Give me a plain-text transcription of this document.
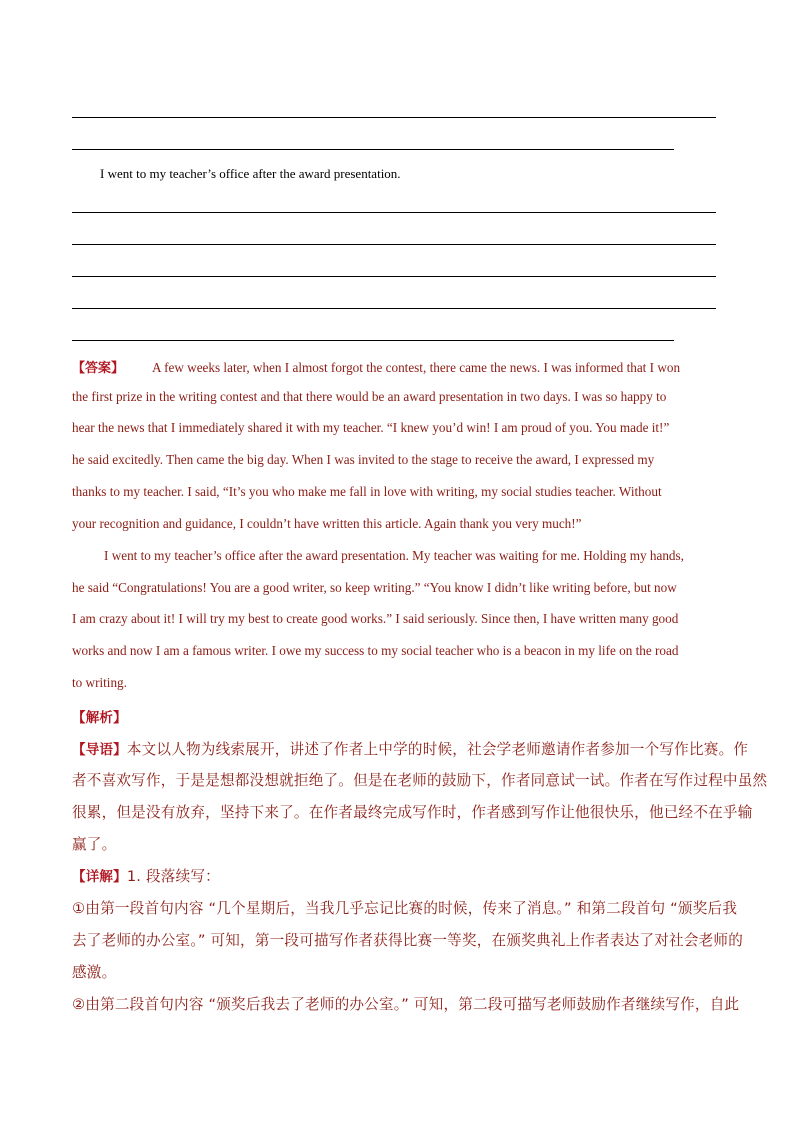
I went to my teacher’s office after the award presentation.
【答案】 A few weeks later, when I almost forgot the contest, there came the news. I was informed that I won
the first prize in the writing contest and that there would be an award presentation in two days. I was so happy to
hear the news that I immediately shared it with my teacher. “I knew you’d win! I am proud of you. You made it!”
he said excitedly. Then came the big day. When I was invited to the stage to receive the award, I expressed my
thanks to my teacher. I said, “It’s you who make me fall in love with writing, my social studies teacher. Without
your recognition and guidance, I couldn’t have written this article. Again thank you very much!”
I went to my teacher’s office after the award presentation. My teacher was waiting for me. Holding my hands,
he said “Congratulations! You are a good writer, so keep writing.” “You know I didn’t like writing before, but now
I am crazy about it! I will try my best to create good works.” I said seriously. Since then, I have written many good
works and now I am a famous writer. I owe my success to my social teacher who is a beacon in my life on the road
to writing.
【解析】
【导语】本文以人物为线索展开，讲述了作者上中学的时候，社会学老师邀请作者参加一个写作比赛。作
者不喜欢写作，于是是想都没想就拒绝了。但是在老师的鼓励下，作者同意试一试。作者在写作过程中虽然
很累，但是没有放弃，坚持下来了。在作者最终完成写作时，作者感到写作让他很快乐，他已经不在乎输
赢了。
【详解】1. 段落续写：
①由第一段首句内容 “几个星期后，当我几乎忘记比赛的时候，传来了消息。” 和第二段首句 “颁奖后我
去了老师的办公室。” 可知，第一段可描写作者获得比赛一等奖，在颁奖典礼上作者表达了对社会老师的
感激。
②由第二段首句内容 “颁奖后我去了老师的办公室。” 可知，第二段可描写老师鼓励作者继续写作，自此
